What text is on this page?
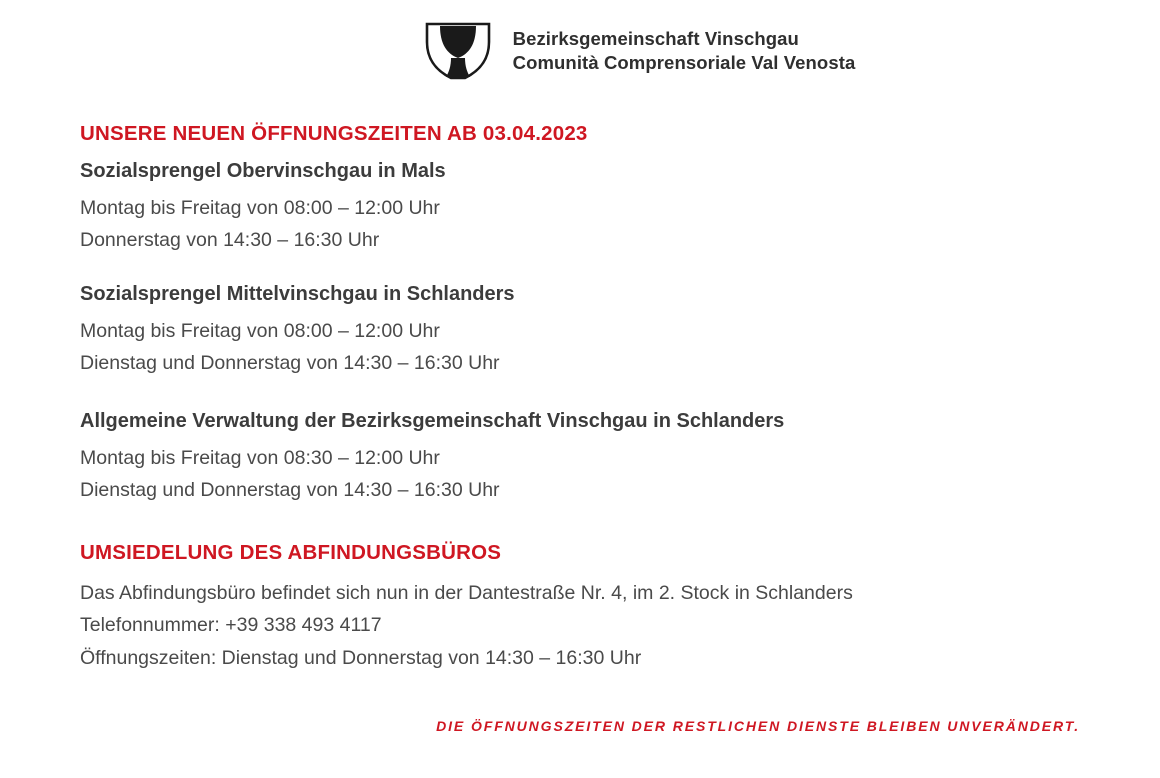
Bezirksgemeinschaft Vinschgau
Comunità Comprensoriale Val Venosta
UNSERE NEUEN ÖFFNUNGSZEITEN AB 03.04.2023
Sozialsprengel Obervinschgau in Mals

Montag bis Freitag von 08:00 – 12:00 Uhr

Donnerstag von 14:30 – 16:30 Uhr

Sozialsprengel Mittelvinschgau in Schlanders

Montag bis Freitag von 08:00 – 12:00 Uhr

Dienstag und Donnerstag von 14:30 – 16:30 Uhr

Allgemeine Verwaltung der Bezirksgemeinschaft Vinschgau in Schlanders

Montag bis Freitag von 08:30 – 12:00 Uhr

Dienstag und Donnerstag von 14:30 – 16:30 Uhr

UMSIEDELUNG DES ABFINDUNGSBÜROS

Das Abfindungsbüro befindet sich nun in der Dantestraße Nr. 4, im 2. Stock in Schlanders

Telefonnummer: +39 338 493 4117

Öffnungszeiten: Dienstag und Donnerstag von 14:30 – 16:30 Uhr

DIE ÖFFNUNGSZEITEN DER RESTLICHEN DIENSTE BLEIBEN UNVERÄNDERT.
